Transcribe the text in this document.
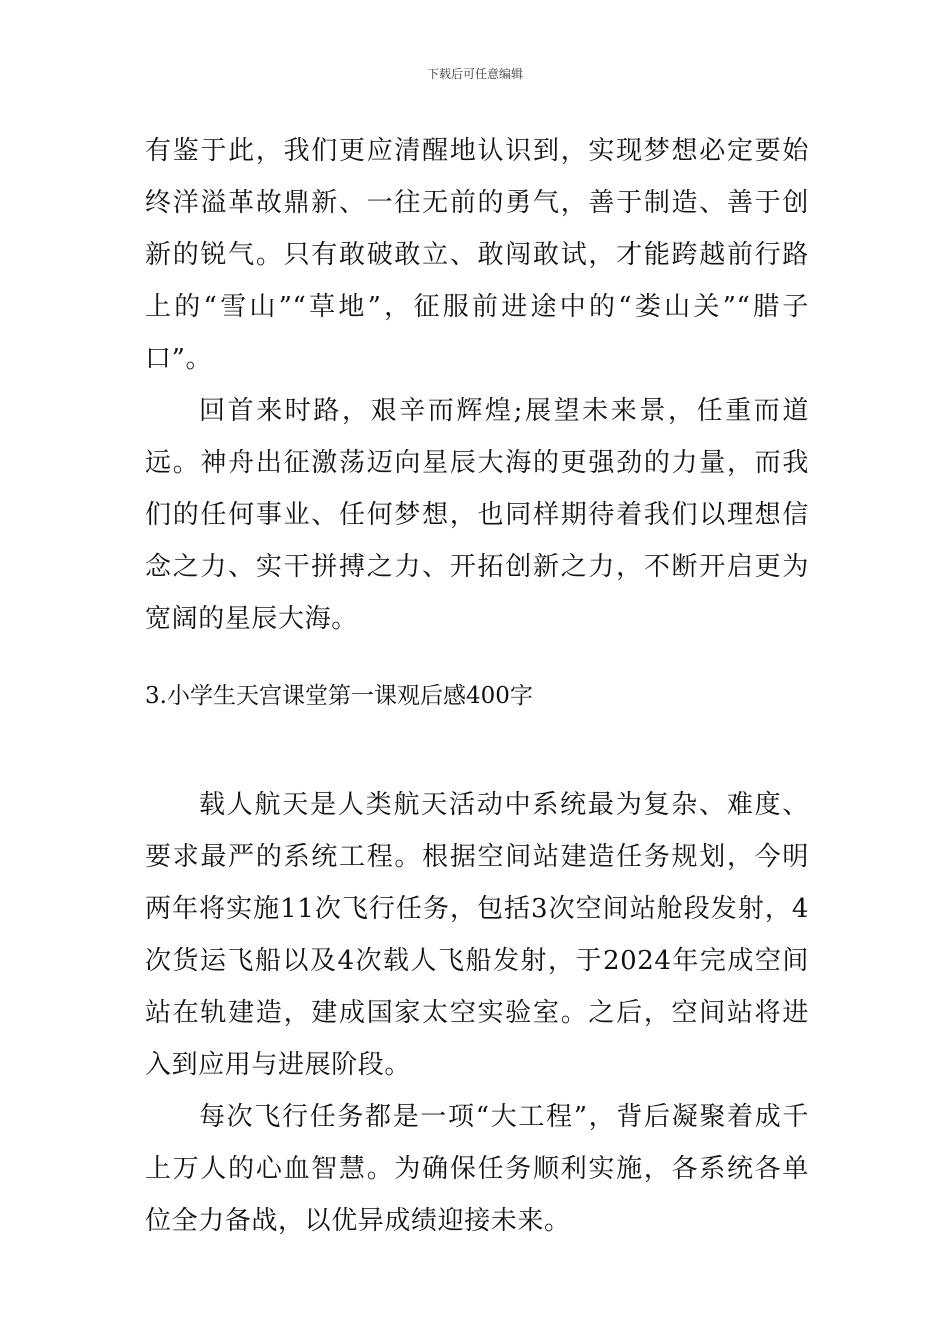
下载后可任意编辑

有鉴于此，我们更应清醒地认识到，实现梦想必定要始终洋溢革故鼎新、一往无前的勇气，善于制造、善于创新的锐气。只有敢破敢立、敢闯敢试，才能跨越前行路上的“雪山”“草地”，征服前进途中的“娄山关”“腊子口”。

回首来时路，艰辛而辉煌;展望未来景，任重而道远。神舟出征激荡迈向星辰大海的更强劲的力量，而我们的任何事业、任何梦想，也同样期待着我们以理想信念之力、实干拼搏之力、开拓创新之力，不断开启更为宽阔的星辰大海。

3.小学生天宫课堂第一课观后感400字

载人航天是人类航天活动中系统最为复杂、难度、要求最严的系统工程。根据空间站建造任务规划，今明两年将实施11次飞行任务，包括3次空间站舱段发射，4次货运飞船以及4次载人飞船发射，于2024年完成空间站在轨建造，建成国家太空实验室。之后，空间站将进入到应用与进展阶段。

每次飞行任务都是一项“大工程”，背后凝聚着成千上万人的心血智慧。为确保任务顺利实施，各系统各单位全力备战，以优异成绩迎接未来。
